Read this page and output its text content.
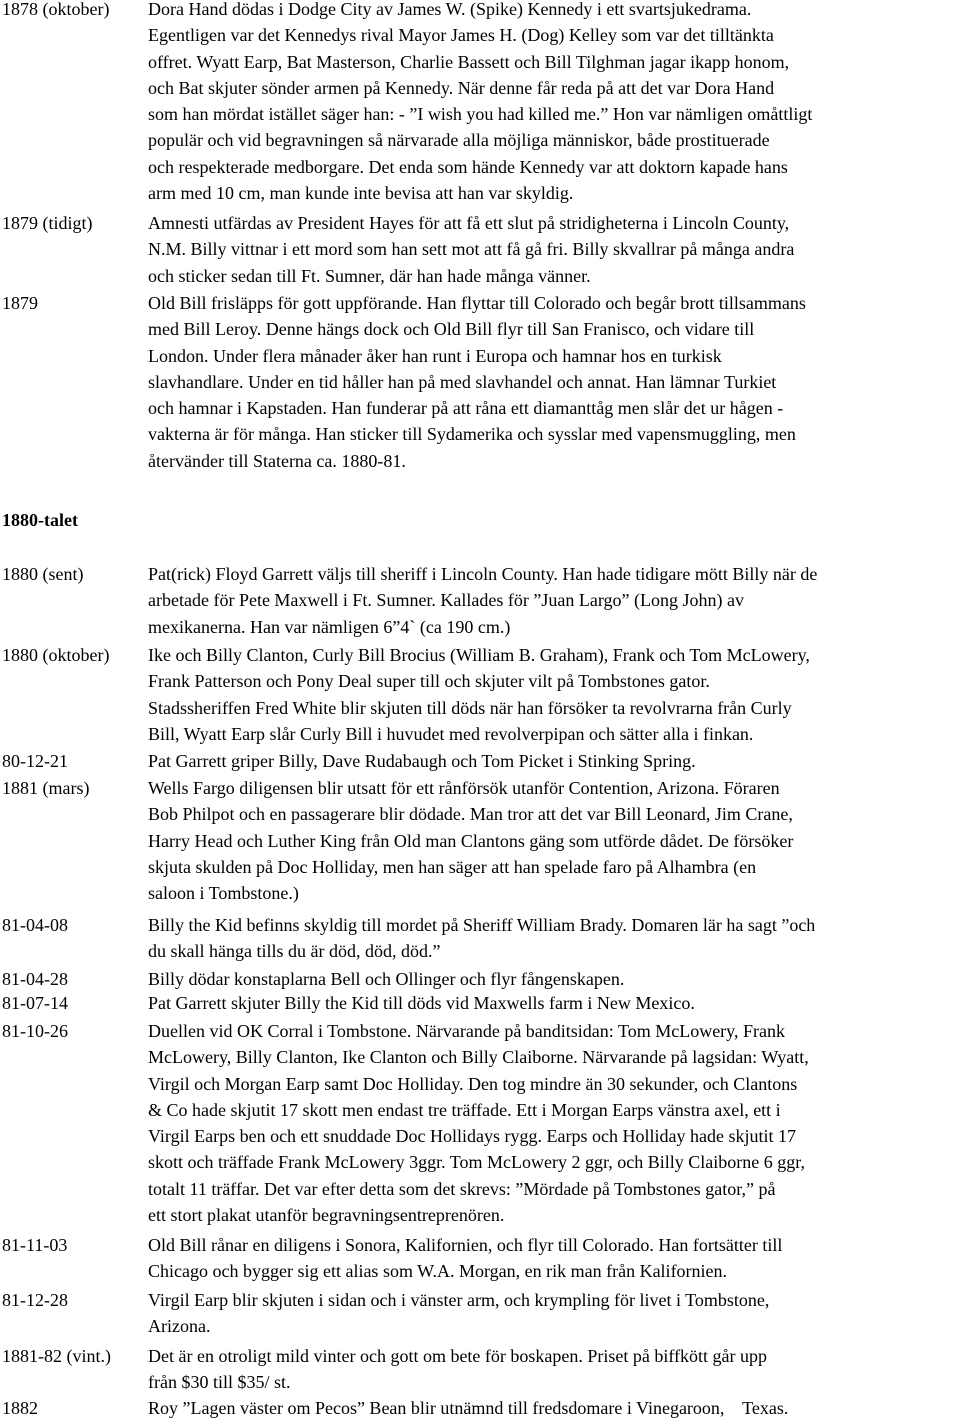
1878 (oktober) Dora Hand dödas i Dodge City av James W. (Spike) Kennedy i ett svartsjukedrama.
Egentligen var det Kennedys rival Mayor James H. (Dog) Kelley som var det tilltänkta
offret. Wyatt Earp, Bat Masterson, Charlie Bassett och Bill Tilghman jagar ikapp honom,
och Bat skjuter sönder armen på Kennedy. När denne får reda på att det var Dora Hand
som han mördat istället säger han: - ”I wish you had killed me.” Hon var nämligen omåttligt
populär och vid begravningen så närvarade alla möjliga människor, både prostituerade
och respekterade medborgare. Det enda som hände Kennedy var att doktorn kapade hans
arm med 10 cm, man kunde inte bevisa att han var skyldig.
1879 (tidigt)	Amnesti utfärdas av President Hayes för att få ett slut på stridigheterna i Lincoln County,
N.M. Billy vittnar i ett mord som han sett mot att få gå fri. Billy skvallrar på många andra
och sticker sedan till Ft. Sumner, där han hade många vänner.
1879	Old Bill frisläpps för gott uppförande. Han flyttar till Colorado och begår brott tillsammans
med Bill Leroy. Denne hängs dock och Old Bill flyr till San Franisco, och vidare till
London. Under flera månader åker han runt i Europa och hamnar hos en turkisk
slavhandlare. Under en tid håller han på med slavhandel och annat. Han lämnar Turkiet
och hamnar i Kapstaden. Han funderar på att råna ett diamanttåg men slår det ur hågen -
vakterna är för många. Han sticker till Sydamerika och sysslar med vapensmuggling, men
återvänder till Staterna ca. 1880-81.
1880-talet
1880 (sent)	Pat(rick) Floyd Garrett väljs till sheriff i Lincoln County. Han hade tidigare mött Billy när de
arbetade för Pete Maxwell i Ft. Sumner. Kallades för ”Juan Largo” (Long John) av
mexikanerna. Han var nämligen 6”4` (ca 190 cm.)
1880 (oktober) Ike och Billy Clanton, Curly Bill Brocius (William B. Graham), Frank och Tom McLowery,
Frank Patterson och Pony Deal super till och skjuter vilt på Tombstones gator.
Stadssheriffen Fred White blir skjuten till döds när han försöker ta revolvrarna från Curly
Bill, Wyatt Earp slår Curly Bill i huvudet med revolverpipan och sätter alla i finkan.
80-12-21	Pat Garrett griper Billy, Dave Rudabaugh och Tom Picket i Stinking Spring.
1881 (mars)	Wells Fargo diligensen blir utsatt för ett rånförsök utanför Contention, Arizona. Föraren
Bob Philpot och en passagerare blir dödade. Man tror att det var Bill Leonard, Jim Crane,
Harry Head och Luther King från Old man Clantons gäng som utförde dådet. De försöker
skjuta skulden på Doc Holliday, men han säger att han spelade faro på Alhambra (en
saloon i Tombstone.)
81-04-08	Billy the Kid befinns skyldig till mordet på Sheriff William Brady. Domaren lär ha sagt ”och
du skall hänga tills du är död, död, död.”
81-04-28	Billy dödar konstaplarna Bell och Ollinger och flyr fångenskapen.
81-07-14	Pat Garrett skjuter Billy the Kid till döds vid Maxwells farm i New Mexico.
81-10-26	Duellen vid OK Corral i Tombstone. Närvarande på banditsidan: Tom McLowery, Frank
McLowery, Billy Clanton, Ike Clanton och Billy Claiborne. Närvarande på lagsidan: Wyatt,
Virgil och Morgan Earp samt Doc Holliday. Den tog mindre än 30 sekunder, och Clantons
& Co hade skjutit 17 skott men endast tre träffade. Ett i Morgan Earps vänstra axel, ett i
Virgil Earps ben och ett snuddade Doc Hollidays rygg. Earps och Holliday hade skjutit 17
skott och träffade Frank McLowery 3ggr. Tom McLowery 2 ggr, och Billy Claiborne 6 ggr,
totalt 11 träffar. Det var efter detta som det skrevs: ”Mördade på Tombstones gator,” på
ett stort plakat utanför begravningsentreprenören.
81-11-03	Old Bill rånar en diligens i Sonora, Kalifornien, och flyr till Colorado. Han fortsätter till
Chicago och bygger sig ett alias som W.A. Morgan, en rik man från Kalifornien.
81-12-28	Virgil Earp blir skjuten i sidan och i vänster arm, och krympling för livet i Tombstone,
Arizona.
1881-82 (vint.) Det är en otroligt mild vinter och gott om bete för boskapen. Priset på biffkött går upp
från $30 till $35/ st.
1882	Roy ”Lagen väster om Pecos” Bean blir utnämnd till fredsdomare i Vinegaroon,    Texas.
